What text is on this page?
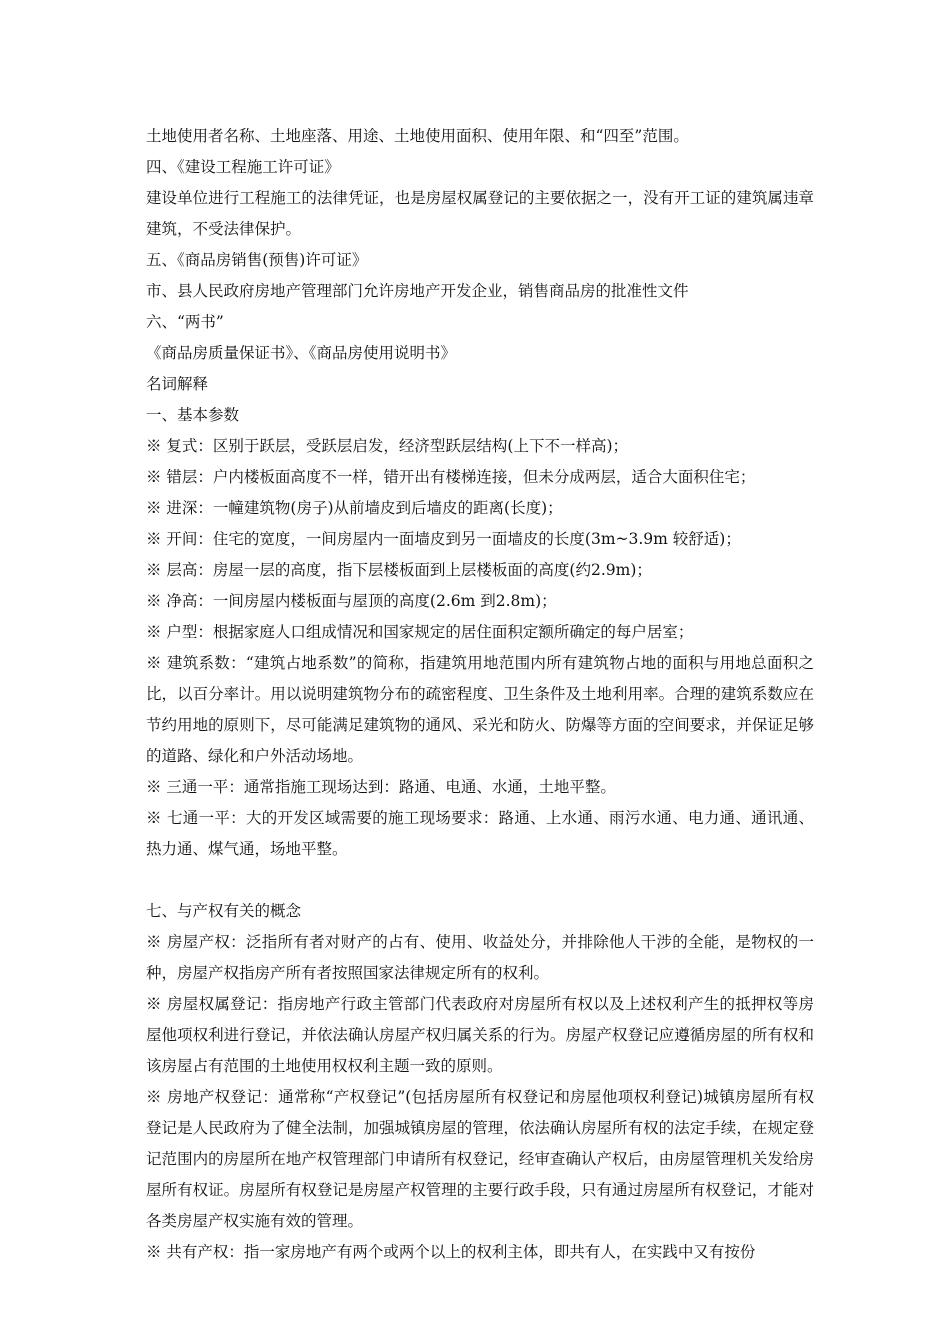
土地使用者名称、土地座落、用途、土地使用面积、使用年限、和“四至”范围。

四、《建设工程施工许可证》

建设单位进行工程施工的法律凭证，也是房屋权属登记的主要依据之一，没有开工证的建筑属违章建筑，不受法律保护。

五、《商品房销售(预售)许可证》

市、县人民政府房地产管理部门允许房地产开发企业，销售商品房的批准性文件

六、“两书”

《商品房质量保证书》、《商品房使用说明书》

名词解释

一、基本参数

※ 复式：区别于跃层，受跃层启发，经济型跃层结构(上下不一样高)；

※ 错层：户内楼板面高度不一样，错开出有楼梯连接，但未分成两层，适合大面积住宅；

※ 进深：一幢建筑物(房子)从前墙皮到后墙皮的距离(长度)；

※ 开间：住宅的宽度，一间房屋内一面墙皮到另一面墙皮的长度(3m~3.9m 较舒适)；

※ 层高：房屋一层的高度，指下层楼板面到上层楼板面的高度(约2.9m)；

※ 净高：一间房屋内楼板面与屋顶的高度(2.6m 到2.8m)；

※ 户型：根据家庭人口组成情况和国家规定的居住面积定额所确定的每户居室；

※ 建筑系数：“建筑占地系数”的简称，指建筑用地范围内所有建筑物占地的面积与用地总面积之比，以百分率计。用以说明建筑物分布的疏密程度、卫生条件及土地利用率。合理的建筑系数应在节约用地的原则下，尽可能满足建筑物的通风、采光和防火、防爆等方面的空间要求，并保证足够的道路、绿化和户外活动场地。

※ 三通一平：通常指施工现场达到：路通、电通、水通，土地平整。

※ 七通一平：大的开发区域需要的施工现场要求：路通、上水通、雨污水通、电力通、通讯通、热力通、煤气通，场地平整。

七、与产权有关的概念

※ 房屋产权：泛指所有者对财产的占有、使用、收益处分，并排除他人干涉的全能，是物权的一种，房屋产权指房产所有者按照国家法律规定所有的权利。

※ 房屋权属登记：指房地产行政主管部门代表政府对房屋所有权以及上述权利产生的抵押权等房屋他项权利进行登记，并依法确认房屋产权归属关系的行为。房屋产权登记应遵循房屋的所有权和该房屋占有范围的土地使用权权利主题一致的原则。

※ 房地产权登记：通常称“产权登记”(包括房屋所有权登记和房屋他项权利登记)城镇房屋所有权登记是人民政府为了健全法制，加强城镇房屋的管理，依法确认房屋所有权的法定手续，在规定登记范围内的房屋所在地产权管理部门申请所有权登记，经审查确认产权后，由房屋管理机关发给房屋所有权证。房屋所有权登记是房屋产权管理的主要行政手段，只有通过房屋所有权登记，才能对各类房屋产权实施有效的管理。

※ 共有产权：指一家房地产有两个或两个以上的权利主体，即共有人，在实践中又有按份
